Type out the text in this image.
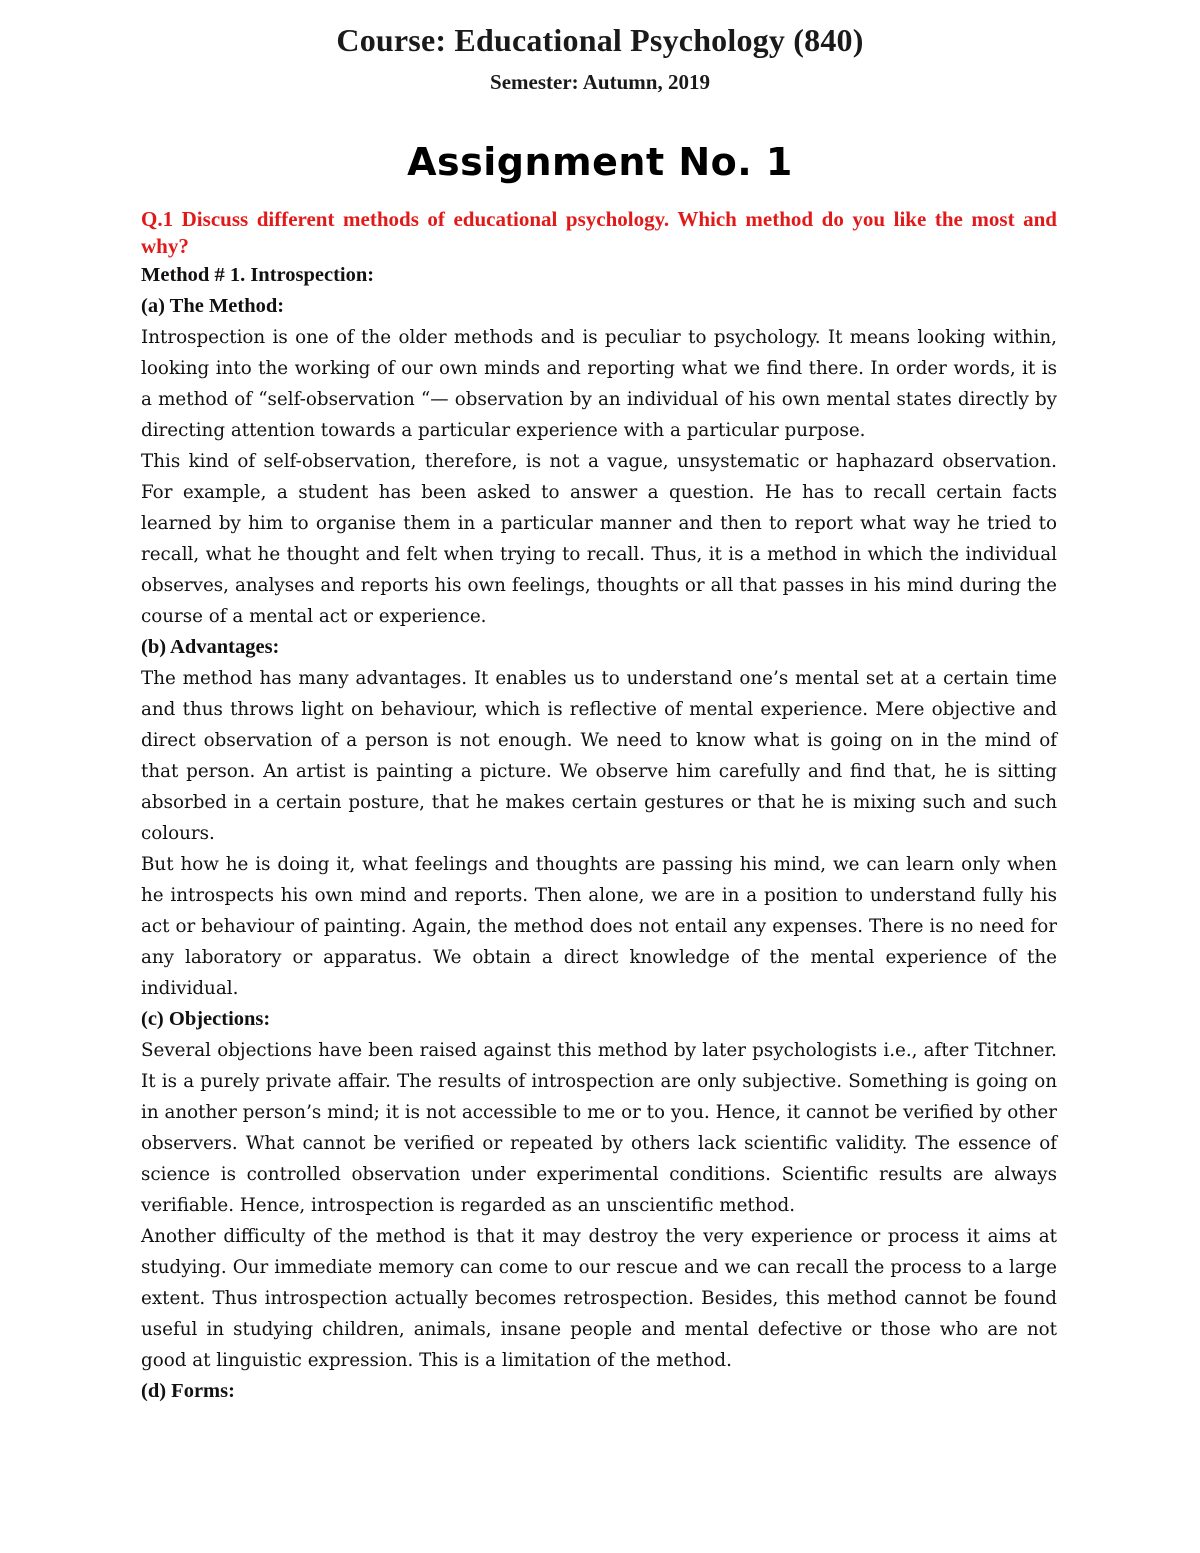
Course: Educational Psychology (840)
Semester: Autumn, 2019
Assignment No. 1

Q.1 Discuss different methods of educational psychology. Which method do you like the most and why?

Method # 1. Introspection:

(a) The Method:

Introspection is one of the older methods and is peculiar to psychology. It means looking within, looking into the working of our own minds and reporting what we find there. In order words, it is a method of “self-observation “— observation by an individual of his own mental states directly by directing attention towards a particular experience with a particular purpose.

This kind of self-observation, therefore, is not a vague, unsystematic or haphazard observation. For example, a student has been asked to answer a question. He has to recall certain facts learned by him to organise them in a particular manner and then to report what way he tried to recall, what he thought and felt when trying to recall. Thus, it is a method in which the individual observes, analyses and reports his own feelings, thoughts or all that passes in his mind during the course of a mental act or experience.

(b) Advantages:

The method has many advantages. It enables us to understand one’s mental set at a certain time and thus throws light on behaviour, which is reflective of mental experience. Mere objective and direct observation of a person is not enough. We need to know what is going on in the mind of that person. An artist is painting a picture. We observe him carefully and find that, he is sitting absorbed in a certain posture, that he makes certain gestures or that he is mixing such and such colours.

But how he is doing it, what feelings and thoughts are passing his mind, we can learn only when he introspects his own mind and reports. Then alone, we are in a position to understand fully his act or behaviour of painting. Again, the method does not entail any expenses. There is no need for any laboratory or apparatus. We obtain a direct knowledge of the mental experience of the individual.

(c) Objections:

Several objections have been raised against this method by later psychologists i.e., after Titchner. It is a purely private affair. The results of introspection are only subjective. Something is going on in another person’s mind; it is not accessible to me or to you. Hence, it cannot be verified by other observers. What cannot be verified or repeated by others lack scientific validity. The essence of science is controlled observation under experimental conditions. Scientific results are always verifiable. Hence, introspection is regarded as an unscientific method.

Another difficulty of the method is that it may destroy the very experience or process it aims at studying. Our immediate memory can come to our rescue and we can recall the process to a large extent. Thus introspection actually becomes retrospection. Besides, this method cannot be found useful in studying children, animals, insane people and mental defective or those who are not good at linguistic expression. This is a limitation of the method.

(d) Forms:
